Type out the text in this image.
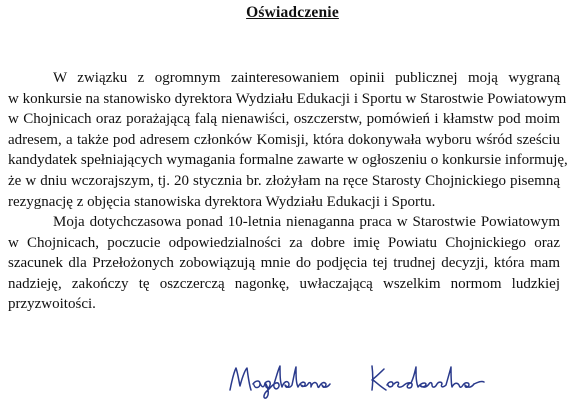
Oświadczenie
W związku z ogromnym zainteresowaniem opinii publicznej moją wygraną
w konkursie na stanowisko dyrektora Wydziału Edukacji i Sportu w Starostwie Powiatowym
w Chojnicach oraz porażającą falą nienawiści, oszczerstw, pomówień i kłamstw pod moim
adresem, a także pod adresem członków Komisji, która dokonywała wyboru wśród sześciu
kandydatek spełniających wymagania formalne zawarte w ogłoszeniu o konkursie informuję,
że w dniu wczorajszym, tj. 20 stycznia br. złożyłam na ręce Starosty Chojnickiego pisemną
rezygnację z objęcia stanowiska dyrektora Wydziału Edukacji i Sportu.
Moja dotychczasowa ponad 10-letnia nienaganna praca w Starostwie Powiatowym
w Chojnicach, poczucie odpowiedzialności za dobre imię Powiatu Chojnickiego oraz
szacunek dla Przełożonych zobowiązują mnie do podjęcia tej trudnej decyzji, która mam
nadzieję, zakończy tę oszczerczą nagonkę, uwłaczającą wszelkim normom ludzkiej
przyzwoitości.
